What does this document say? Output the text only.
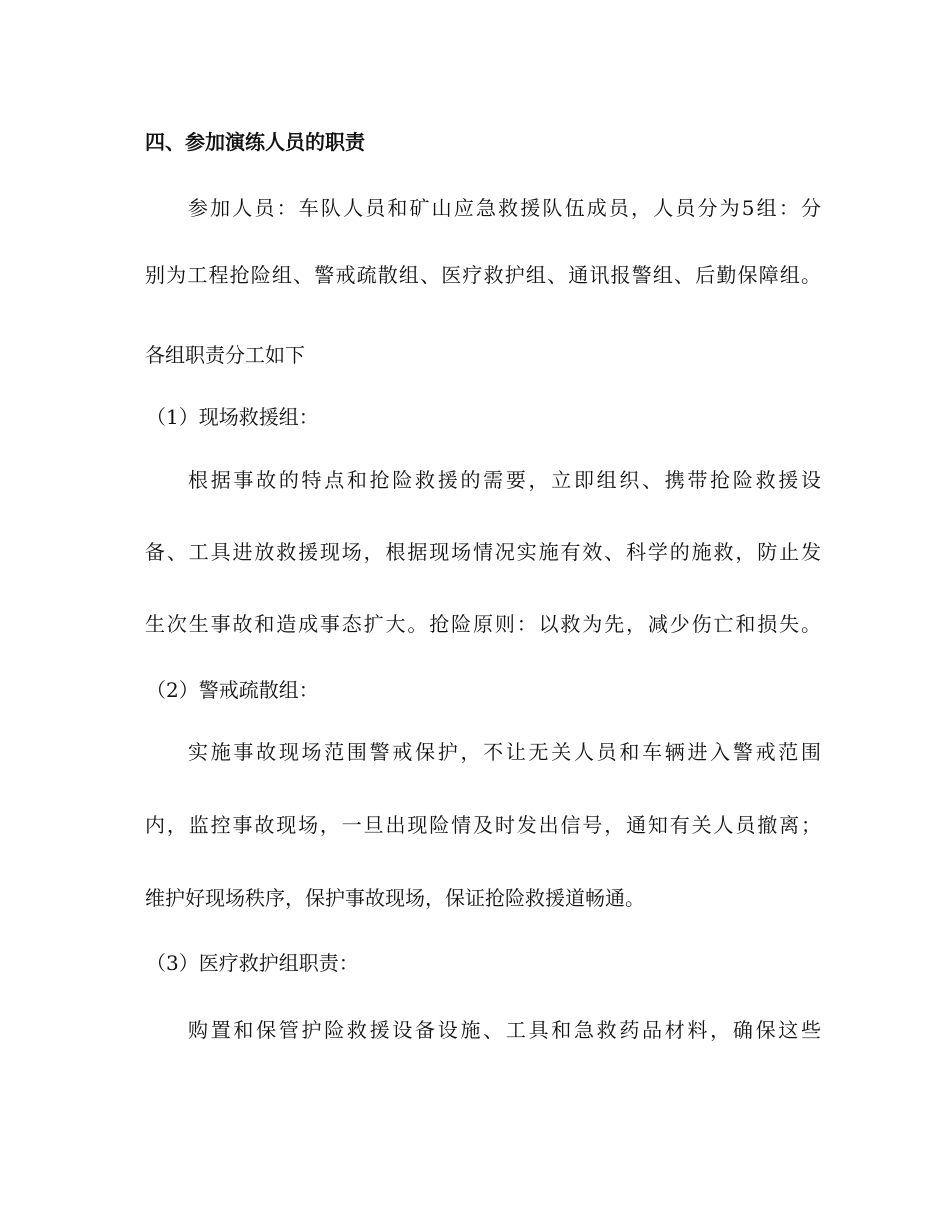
四、参加演练人员的职责
参加人员：车队人员和矿山应急救援队伍成员，人员分为5组：分
别为工程抢险组、警戒疏散组、医疗救护组、通讯报警组、后勤保障组。
各组职责分工如下
（1）现场救援组：
根据事故的特点和抢险救援的需要，立即组织、携带抢险救援设
备、工具进放救援现场，根据现场情况实施有效、科学的施救，防止发
生次生事故和造成事态扩大。抢险原则：以救为先，减少伤亡和损失。
（2）警戒疏散组：
实施事故现场范围警戒保护，不让无关人员和车辆进入警戒范围
内，监控事故现场，一旦出现险情及时发出信号，通知有关人员撤离；
维护好现场秩序，保护事故现场，保证抢险救援道畅通。
（3）医疗救护组职责：
购置和保管护险救援设备设施、工具和急救药品材料，确保这些
